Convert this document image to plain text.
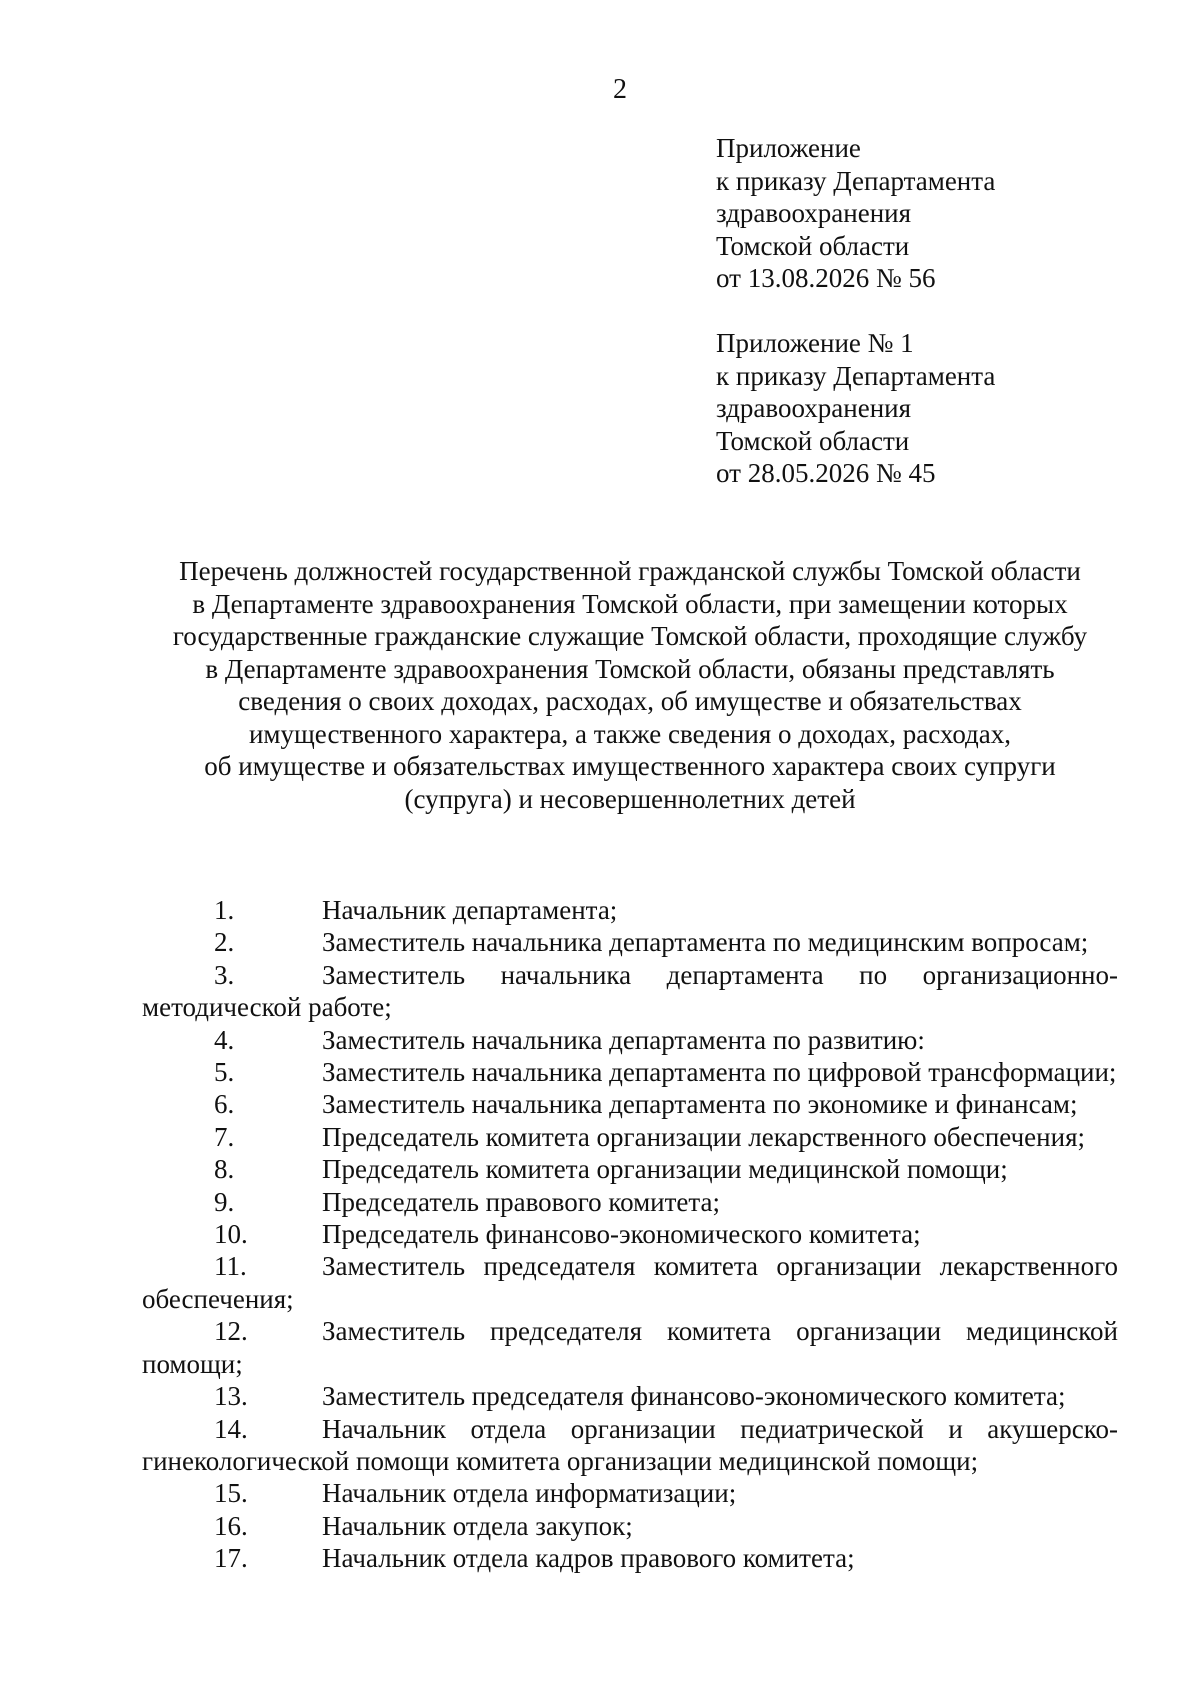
2
Приложение
к приказу Департамента
здравоохранения
Томской области
от 13.08.2026 № 56
Приложение № 1
к приказу Департамента
здравоохранения
Томской области
от 28.05.2026 № 45
Перечень должностей государственной гражданской службы Томской области
в Департаменте здравоохранения Томской области, при замещении которых
государственные гражданские служащие Томской области, проходящие службу
в Департаменте здравоохранения Томской области, обязаны представлять
сведения о своих доходах, расходах, об имуществе и обязательствах
имущественного характера, а также сведения о доходах, расходах,
об имуществе и обязательствах имущественного характера своих супруги
(супруга) и несовершеннолетних детей
1.	Начальник департамента;
2.	Заместитель начальника департамента по медицинским вопросам;
3.	Заместитель начальника департамента по организационно-
методической работе;
4.	Заместитель начальника департамента по развитию:
5.	Заместитель начальника департамента по цифровой трансформации;
6.	Заместитель начальника департамента по экономике и финансам;
7.	Председатель комитета организации лекарственного обеспечения;
8.	Председатель комитета организации медицинской помощи;
9.	Председатель правового комитета;
10.	Председатель финансово-экономического комитета;
11.	Заместитель председателя комитета организации лекарственного
обеспечения;
12.	Заместитель председателя комитета организации медицинской
помощи;
13.	Заместитель председателя финансово-экономического комитета;
14.	Начальник отдела организации педиатрической и акушерско-
гинекологической помощи комитета организации медицинской помощи;
15.	Начальник отдела информатизации;
16.	Начальник отдела закупок;
17.	Начальник отдела кадров правового комитета;
